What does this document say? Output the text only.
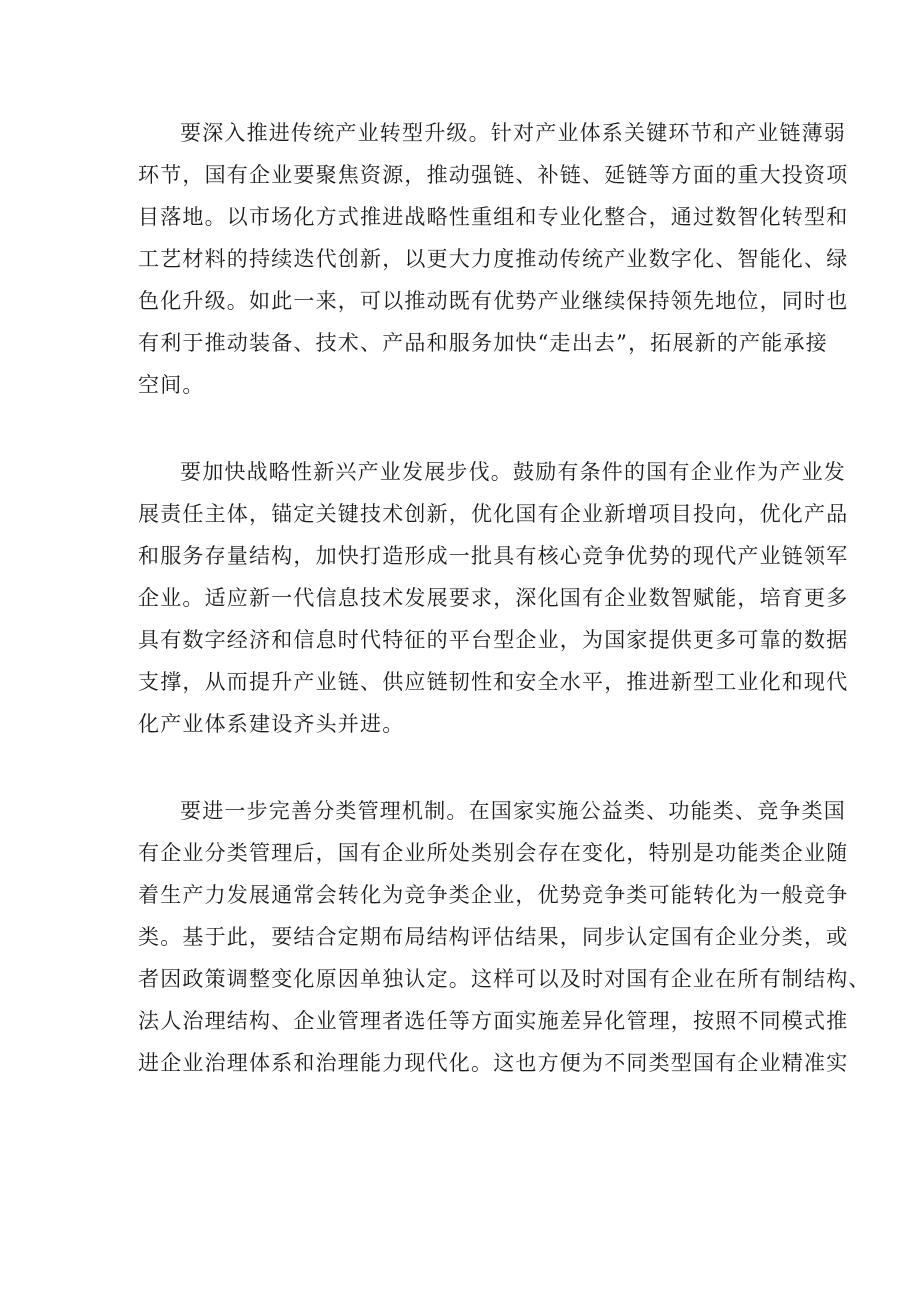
要深入推进传统产业转型升级。针对产业体系关键环节和产业链薄弱
环节，国有企业要聚焦资源，推动强链、补链、延链等方面的重大投资项
目落地。以市场化方式推进战略性重组和专业化整合，通过数智化转型和
工艺材料的持续迭代创新，以更大力度推动传统产业数字化、智能化、绿
色化升级。如此一来，可以推动既有优势产业继续保持领先地位，同时也
有利于推动装备、技术、产品和服务加快“走出去”，拓展新的产能承接
空间。
要加快战略性新兴产业发展步伐。鼓励有条件的国有企业作为产业发
展责任主体，锚定关键技术创新，优化国有企业新增项目投向，优化产品
和服务存量结构，加快打造形成一批具有核心竞争优势的现代产业链领军
企业。适应新一代信息技术发展要求，深化国有企业数智赋能，培育更多
具有数字经济和信息时代特征的平台型企业，为国家提供更多可靠的数据
支撑，从而提升产业链、供应链韧性和安全水平，推进新型工业化和现代
化产业体系建设齐头并进。
要进一步完善分类管理机制。在国家实施公益类、功能类、竞争类国
有企业分类管理后，国有企业所处类别会存在变化，特别是功能类企业随
着生产力发展通常会转化为竞争类企业，优势竞争类可能转化为一般竞争
类。基于此，要结合定期布局结构评估结果，同步认定国有企业分类，或
者因政策调整变化原因单独认定。这样可以及时对国有企业在所有制结构、
法人治理结构、企业管理者选任等方面实施差异化管理，按照不同模式推
进企业治理体系和治理能力现代化。这也方便为不同类型国有企业精准实
